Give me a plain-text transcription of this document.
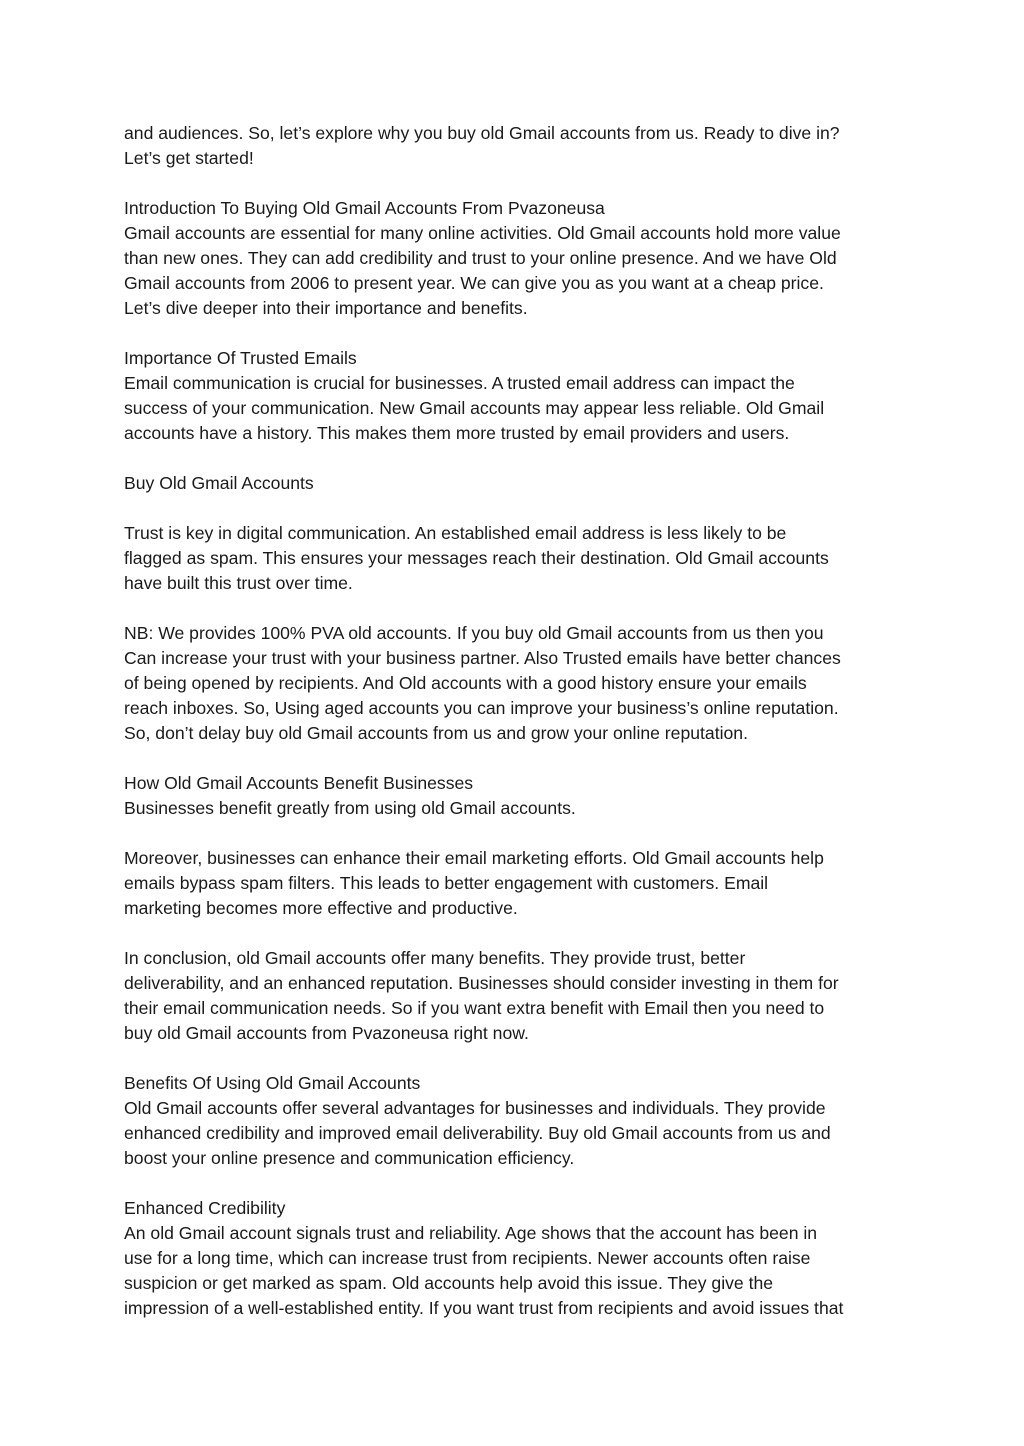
and audiences. So, let’s explore why you buy old Gmail accounts from us. Ready to dive in?
Let’s get started!
Introduction To Buying Old Gmail Accounts From Pvazoneusa
Gmail accounts are essential for many online activities. Old Gmail accounts hold more value
than new ones. They can add credibility and trust to your online presence. And we have Old
Gmail accounts from 2006 to present year. We can give you as you want at a cheap price.
Let’s dive deeper into their importance and benefits.
Importance Of Trusted Emails
Email communication is crucial for businesses. A trusted email address can impact the
success of your communication. New Gmail accounts may appear less reliable. Old Gmail
accounts have a history. This makes them more trusted by email providers and users.
Buy Old Gmail Accounts
Trust is key in digital communication. An established email address is less likely to be
flagged as spam. This ensures your messages reach their destination. Old Gmail accounts
have built this trust over time.
NB: We provides 100% PVA old accounts. If you buy old Gmail accounts from us then you
Can increase your trust with your business partner. Also Trusted emails have better chances
of being opened by recipients. And Old accounts with a good history ensure your emails
reach inboxes. So, Using aged accounts you can improve your business’s online reputation.
So, don’t delay buy old Gmail accounts from us and grow your online reputation.
How Old Gmail Accounts Benefit Businesses
Businesses benefit greatly from using old Gmail accounts.
Moreover, businesses can enhance their email marketing efforts. Old Gmail accounts help
emails bypass spam filters. This leads to better engagement with customers. Email
marketing becomes more effective and productive.
In conclusion, old Gmail accounts offer many benefits. They provide trust, better
deliverability, and an enhanced reputation. Businesses should consider investing in them for
their email communication needs. So if you want extra benefit with Email then you need to
buy old Gmail accounts from Pvazoneusa right now.
Benefits Of Using Old Gmail Accounts
Old Gmail accounts offer several advantages for businesses and individuals. They provide
enhanced credibility and improved email deliverability. Buy old Gmail accounts from us and
boost your online presence and communication efficiency.
Enhanced Credibility
An old Gmail account signals trust and reliability. Age shows that the account has been in
use for a long time, which can increase trust from recipients. Newer accounts often raise
suspicion or get marked as spam. Old accounts help avoid this issue. They give the
impression of a well-established entity. If you want trust from recipients and avoid issues that
